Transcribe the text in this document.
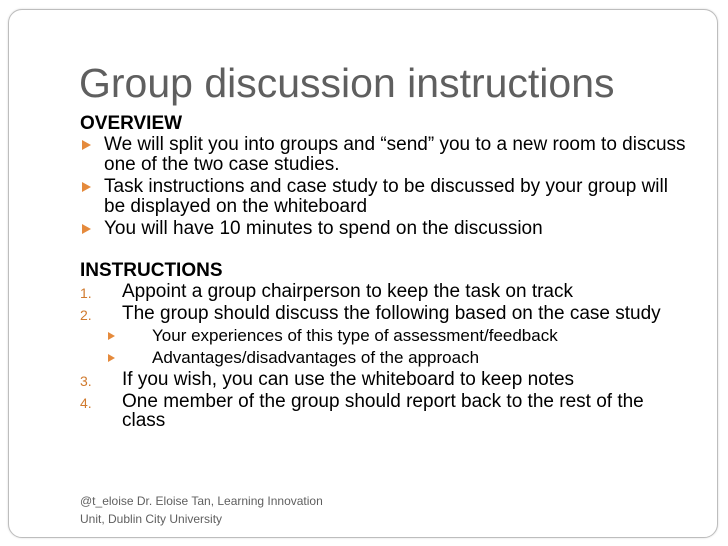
Group discussion instructions
OVERVIEW
We will split you into groups and “send” you to a new room to discuss one of the two case studies.
Task instructions and case study to be discussed by your group will be displayed on the whiteboard
You will have 10 minutes to spend on the discussion
INSTRUCTIONS
1. Appoint a group chairperson to keep the task on track
2. The group should discuss the following based on the case study
Your experiences of this type of assessment/feedback
Advantages/disadvantages of the approach
3. If you wish, you can use the whiteboard to keep notes
4. One member of the group should report back to the rest of the class
@t_eloise Dr. Eloise Tan, Learning Innovation
Unit, Dublin City University
